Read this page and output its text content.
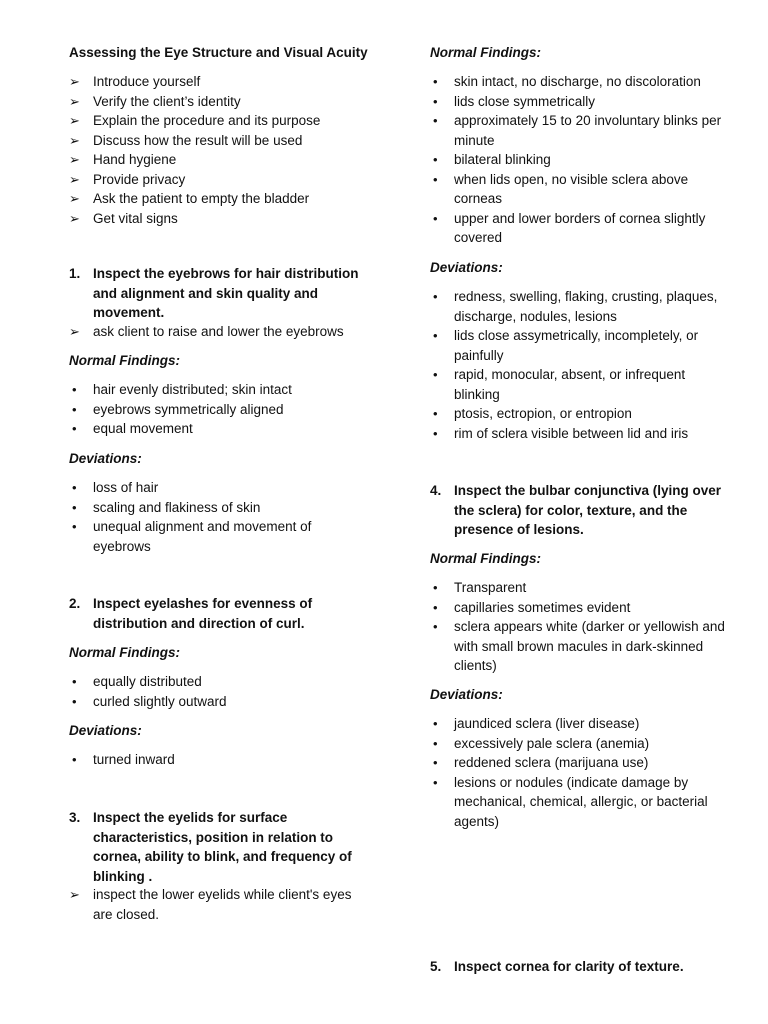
Assessing the Eye Structure and Visual Acuity
➢ Introduce yourself
➢ Verify the client’s identity
➢ Explain the procedure and its purpose
➢ Discuss how the result will be used
➢ Hand hygiene
➢ Provide privacy
➢ Ask the patient to empty the bladder
➢ Get vital signs
1. Inspect the eyebrows for hair distribution and alignment and skin quality and movement.
➢ ask client to raise and lower the eyebrows
Normal Findings:
• hair evenly distributed; skin intact
• eyebrows symmetrically aligned
• equal movement
Deviations:
• loss of hair
• scaling and flakiness of skin
• unequal alignment and movement of eyebrows
2. Inspect eyelashes for evenness of distribution and direction of curl.
Normal Findings:
• equally distributed
• curled slightly outward
Deviations:
• turned inward
3. Inspect the eyelids for surface characteristics, position in relation to cornea, ability to blink, and frequency of blinking .
➢ inspect the lower eyelids while client's eyes are closed.
Normal Findings:
• skin intact, no discharge, no discoloration
• lids close symmetrically
• approximately 15 to 20 involuntary blinks per minute
• bilateral blinking
• when lids open, no visible sclera above corneas
• upper and lower borders of cornea slightly covered
Deviations:
• redness, swelling, flaking, crusting, plaques, discharge, nodules, lesions
• lids close assymetrically, incompletely, or painfully
• rapid, monocular, absent, or infrequent blinking
• ptosis, ectropion, or entropion
• rim of sclera visible between lid and iris
4. Inspect the bulbar conjunctiva (lying over the sclera) for color, texture, and the presence of lesions.
Normal Findings:
• Transparent
• capillaries sometimes evident
• sclera appears white (darker or yellowish and with small brown macules in dark-skinned clients)
Deviations:
• jaundiced sclera (liver disease)
• excessively pale sclera (anemia)
• reddened sclera (marijuana use)
• lesions or nodules (indicate damage by mechanical, chemical, allergic, or bacterial agents)
5. Inspect cornea for clarity of texture.
